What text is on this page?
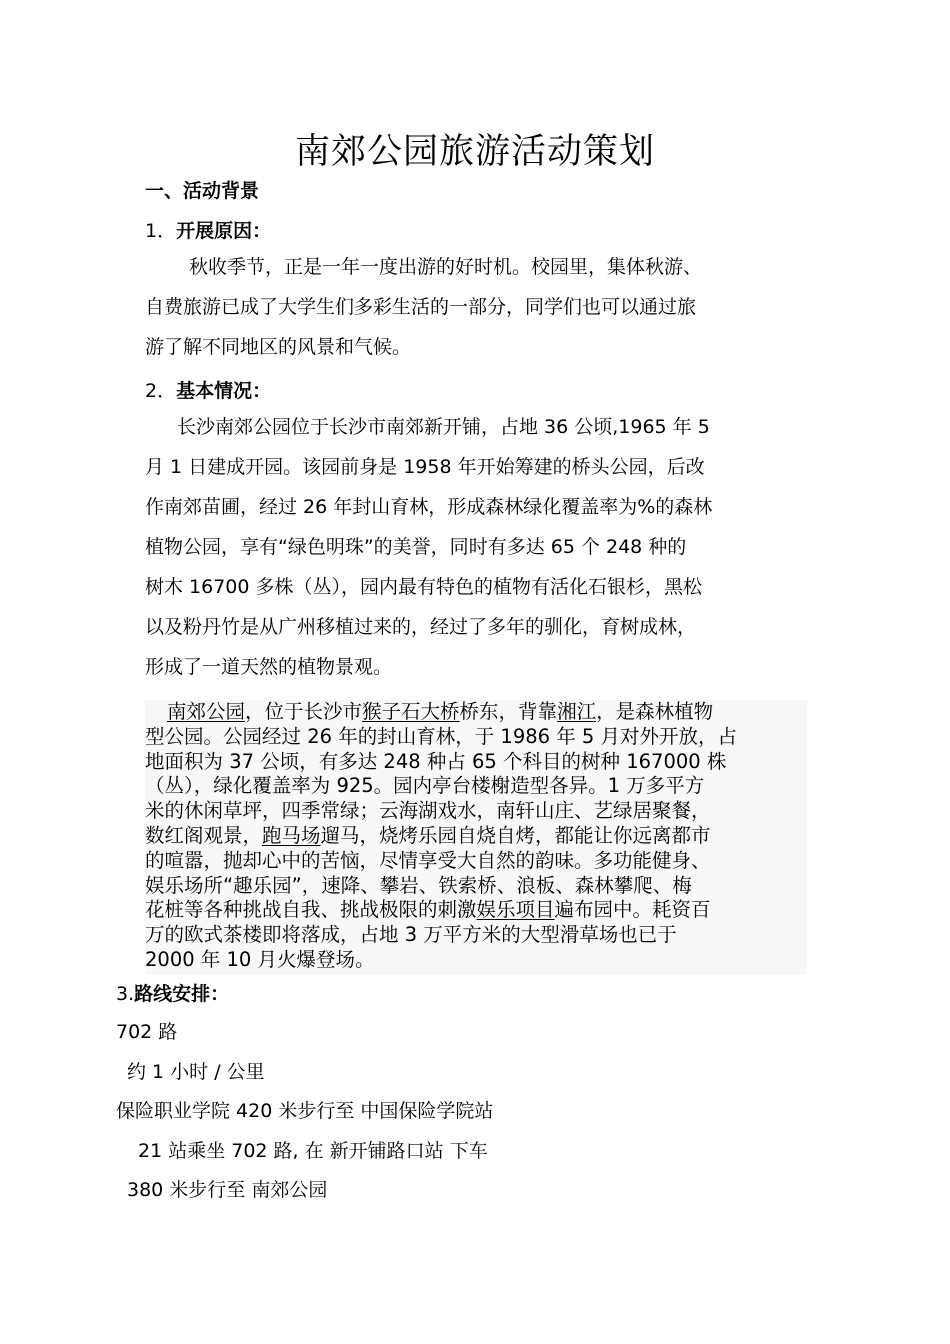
南郊公园旅游活动策划
一、活动背景
1．开展原因：
秋收季节，正是一年一度出游的好时机。校园里，集体秋游、
自费旅游已成了大学生们多彩生活的一部分，同学们也可以通过旅
游了解不同地区的风景和气候。
2．基本情况：
长沙南郊公园位于长沙市南郊新开铺，占地 36 公顷,1965 年 5
月 1 日建成开园。该园前身是 1958 年开始筹建的桥头公园，后改
作南郊苗圃，经过 26 年封山育林，形成森林绿化覆盖率为%的森林
植物公园，享有“绿色明珠”的美誉，同时有多达 65 个 248 种的
树木 16700 多株（丛），园内最有特色的植物有活化石银杉，黑松
以及粉丹竹是从广州移植过来的，经过了多年的驯化，育树成林，
形成了一道天然的植物景观。
南郊公园，位于长沙市猴子石大桥桥东，背靠湘江，是森林植物
型公园。公园经过 26 年的封山育林，于 1986 年 5 月对外开放，占
地面积为 37 公顷，有多达 248 种占 65 个科目的树种 167000 株
（丛），绿化覆盖率为 925。园内亭台楼榭造型各异。1 万多平方
米的休闲草坪，四季常绿；云海湖戏水，南轩山庄、艺绿居聚餐，
数红阁观景，跑马场遛马，烧烤乐园自烧自烤，都能让你远离都市
的喧嚣，抛却心中的苦恼，尽情享受大自然的韵味。多功能健身、
娱乐场所“趣乐园”，速降、攀岩、铁索桥、浪板、森林攀爬、梅
花桩等各种挑战自我、挑战极限的刺激娱乐项目遍布园中。耗资百
万的欧式茶楼即将落成，占地 3 万平方米的大型滑草场也已于
2000 年 10 月火爆登场。
3.路线安排：
702 路
约 1 小时 / 公里
保险职业学院 420 米步行至 中国保险学院站
21 站乘坐 702 路, 在 新开铺路口站 下车
380 米步行至 南郊公园
